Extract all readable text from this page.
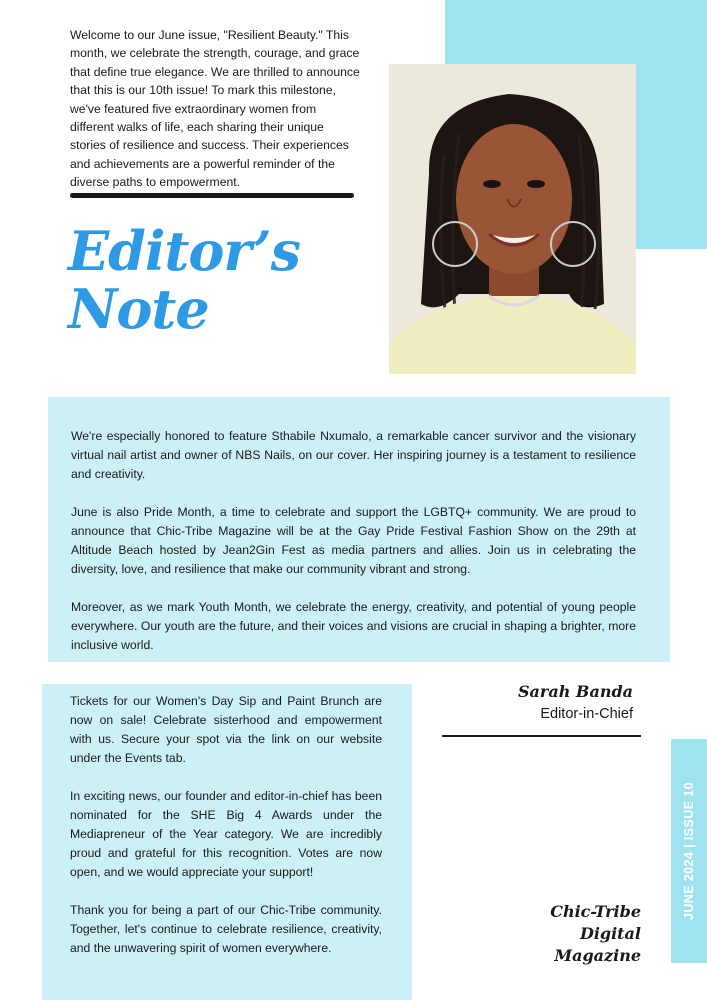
Welcome to our June issue, "Resilient Beauty." This month, we celebrate the strength, courage, and grace that define true elegance. We are thrilled to announce that this is our 10th issue! To mark this milestone, we've featured five extraordinary women from different walks of life, each sharing their unique stories of resilience and success. Their experiences and achievements are a powerful reminder of the diverse paths to empowerment.

Editor’s
Note

We're especially honored to feature Sthabile Nxumalo, a remarkable cancer survivor and the visionary virtual nail artist and owner of NBS Nails, on our cover. Her inspiring journey is a testament to resilience and creativity.

June is also Pride Month, a time to celebrate and support the LGBTQ+ community. We are proud to announce that Chic-Tribe Magazine will be at the Gay Pride Festival Fashion Show on the 29th at Altitude Beach hosted by Jean2Gin Fest as media partners and allies. Join us in celebrating the diversity, love, and resilience that make our community vibrant and strong.

Moreover, as we mark Youth Month, we celebrate the energy, creativity, and potential of young people everywhere. Our youth are the future, and their voices and visions are crucial in shaping a brighter, more inclusive world.

Tickets for our Women's Day Sip and Paint Brunch are now on sale! Celebrate sisterhood and empowerment with us. Secure your spot via the link on our website under the Events tab.

In exciting news, our founder and editor-in-chief has been nominated for the SHE Big 4 Awards under the Mediapreneur of the Year category. We are incredibly proud and grateful for this recognition. Votes are now open, and we would appreciate your support!

Thank you for being a part of our Chic-Tribe community. Together, let's continue to celebrate resilience, creativity, and the unwavering spirit of women everywhere.

Sarah Banda

Editor-in-Chief

Chic-Tribe
Digital
Magazine

JUNE 2024 | ISSUE 10
